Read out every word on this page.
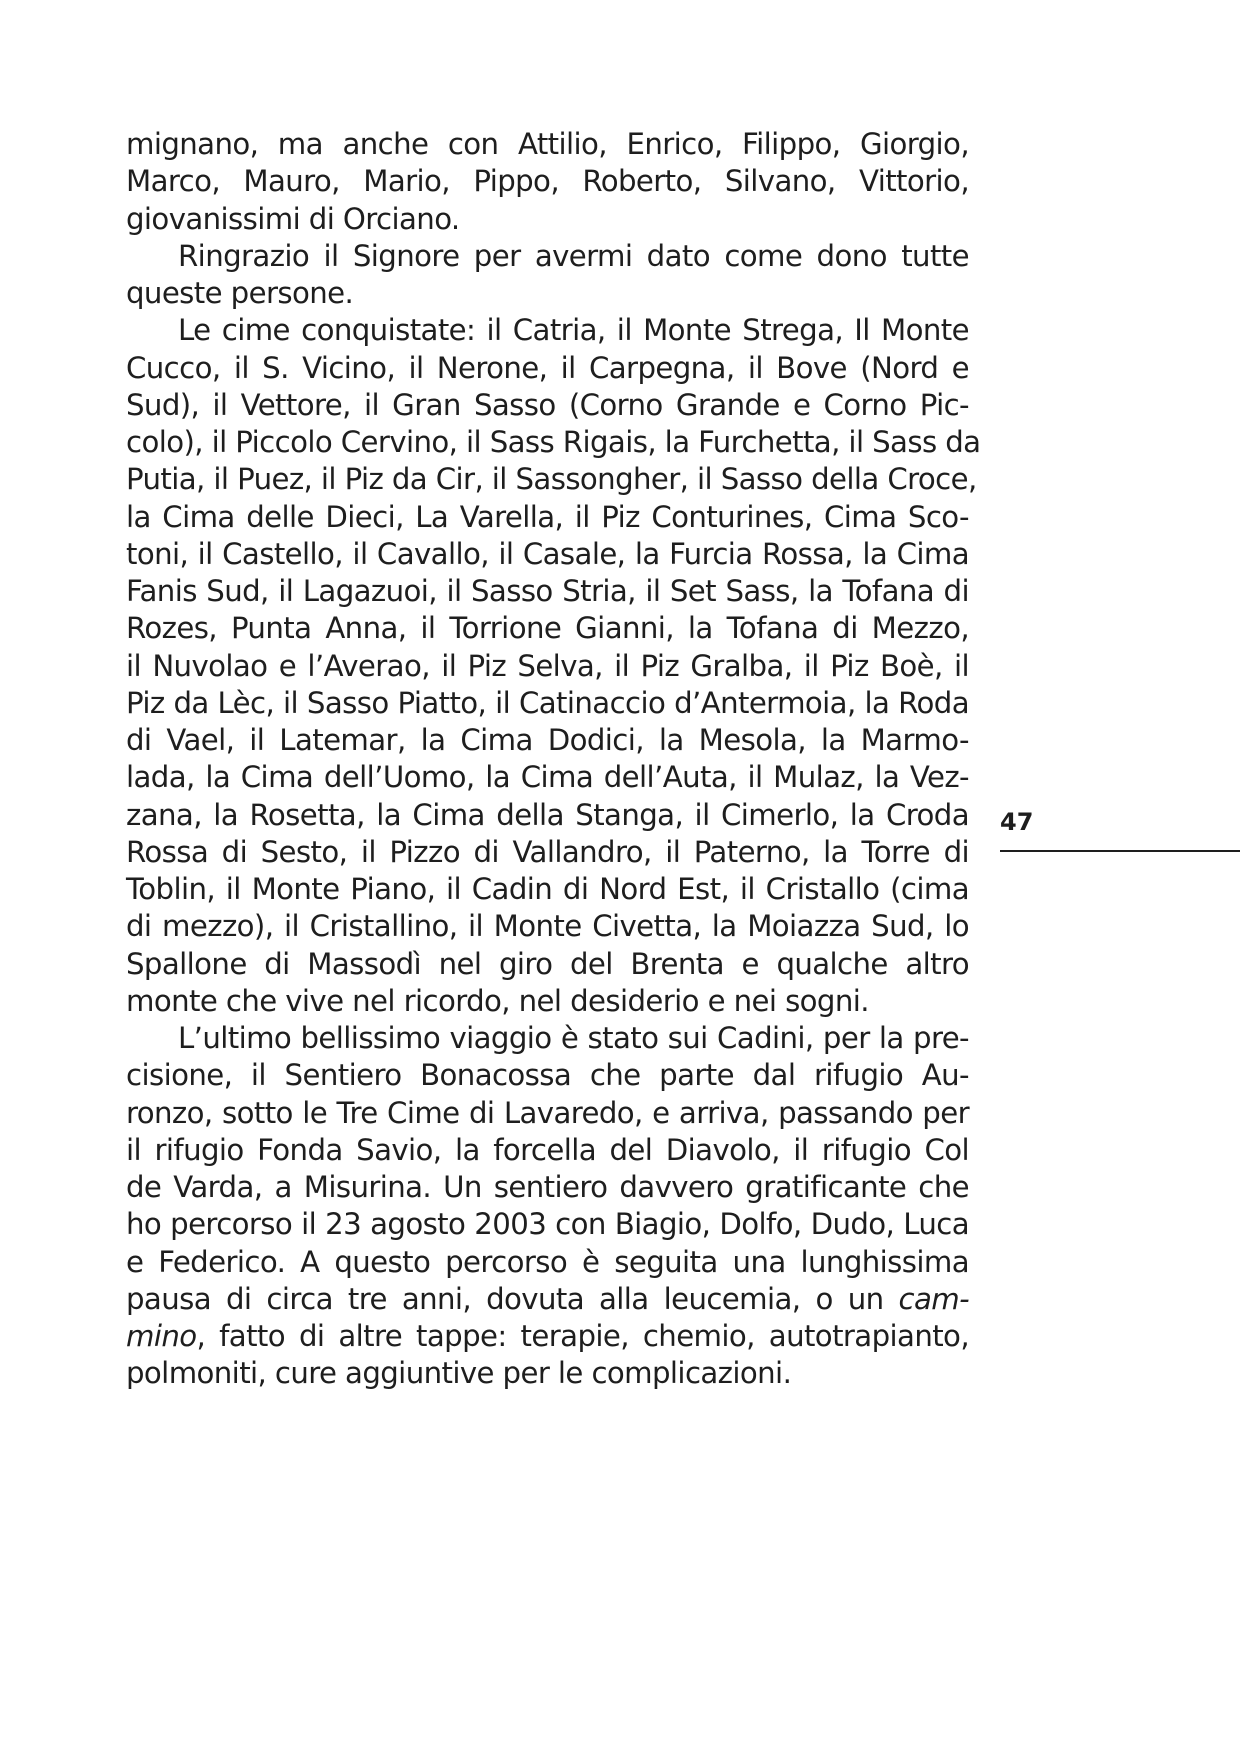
mignano, ma anche con Attilio, Enrico, Filippo, Giorgio,
Marco, Mauro, Mario, Pippo, Roberto, Silvano, Vittorio,
giovanissimi di Orciano.
Ringrazio il Signore per avermi dato come dono tutte
queste persone.
Le cime conquistate: il Catria, il Monte Strega, Il Monte
Cucco, il S. Vicino, il Nerone, il Carpegna, il Bove (Nord e
Sud), il Vettore, il Gran Sasso (Corno Grande e Corno Pic-
colo), il Piccolo Cervino, il Sass Rigais, la Furchetta, il Sass da
Putia, il Puez, il Piz da Cir, il Sassongher, il Sasso della Croce,
la Cima delle Dieci, La Varella, il Piz Conturines, Cima Sco-
toni, il Castello, il Cavallo, il Casale, la Furcia Rossa, la Cima
Fanis Sud, il Lagazuoi, il Sasso Stria, il Set Sass, la Tofana di
Rozes, Punta Anna, il Torrione Gianni, la Tofana di Mezzo,
il Nuvolao e l’Averao, il Piz Selva, il Piz Gralba, il Piz Boè, il
Piz da Lèc, il Sasso Piatto, il Catinaccio d’Antermoia, la Roda
di Vael, il Latemar, la Cima Dodici, la Mesola, la Marmo-
lada, la Cima dell’Uomo, la Cima dell’Auta, il Mulaz, la Vez-
zana, la Rosetta, la Cima della Stanga, il Cimerlo, la Croda
Rossa di Sesto, il Pizzo di Vallandro, il Paterno, la Torre di
Toblin, il Monte Piano, il Cadin di Nord Est, il Cristallo (cima
di mezzo), il Cristallino, il Monte Civetta, la Moiazza Sud, lo
Spallone di Massodì nel giro del Brenta e qualche altro
monte che vive nel ricordo, nel desiderio e nei sogni.
L’ultimo bellissimo viaggio è stato sui Cadini, per la pre-
cisione, il Sentiero Bonacossa che parte dal rifugio Au-
ronzo, sotto le Tre Cime di Lavaredo, e arriva, passando per
il rifugio Fonda Savio, la forcella del Diavolo, il rifugio Col
de Varda, a Misurina. Un sentiero davvero gratificante che
ho percorso il 23 agosto 2003 con Biagio, Dolfo, Dudo, Luca
e Federico. A questo percorso è seguita una lunghissima
pausa di circa tre anni, dovuta alla leucemia, o un cam-
mino, fatto di altre tappe: terapie, chemio, autotrapianto,
polmoniti, cure aggiuntive per le complicazioni.
47
